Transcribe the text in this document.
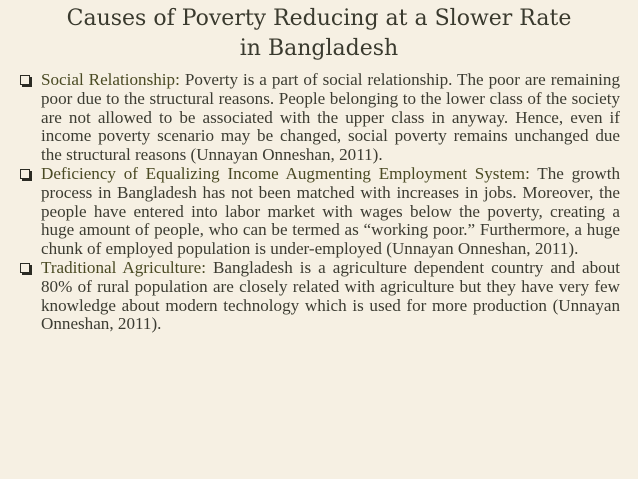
Causes of Poverty Reducing at a Slower Rate
in Bangladesh
Social Relationship: Poverty is a part of social relationship. The poor are remaining poor due to the structural reasons. People belonging to the lower class of the society are not allowed to be associated with the upper class in anyway. Hence, even if income poverty scenario may be changed, social poverty remains unchanged due the structural reasons (Unnayan Onneshan, 2011).
Deficiency of Equalizing Income Augmenting Employment System: The growth process in Bangladesh has not been matched with increases in jobs. Moreover, the people have entered into labor market with wages below the poverty, creating a huge amount of people, who can be termed as “working poor.” Furthermore, a huge chunk of employed population is under-employed (Unnayan Onneshan, 2011).
Traditional Agriculture: Bangladesh is a agriculture dependent country and about 80% of rural population are closely related with agriculture but they have very few knowledge about modern technology which is used for more production (Unnayan Onneshan, 2011).
